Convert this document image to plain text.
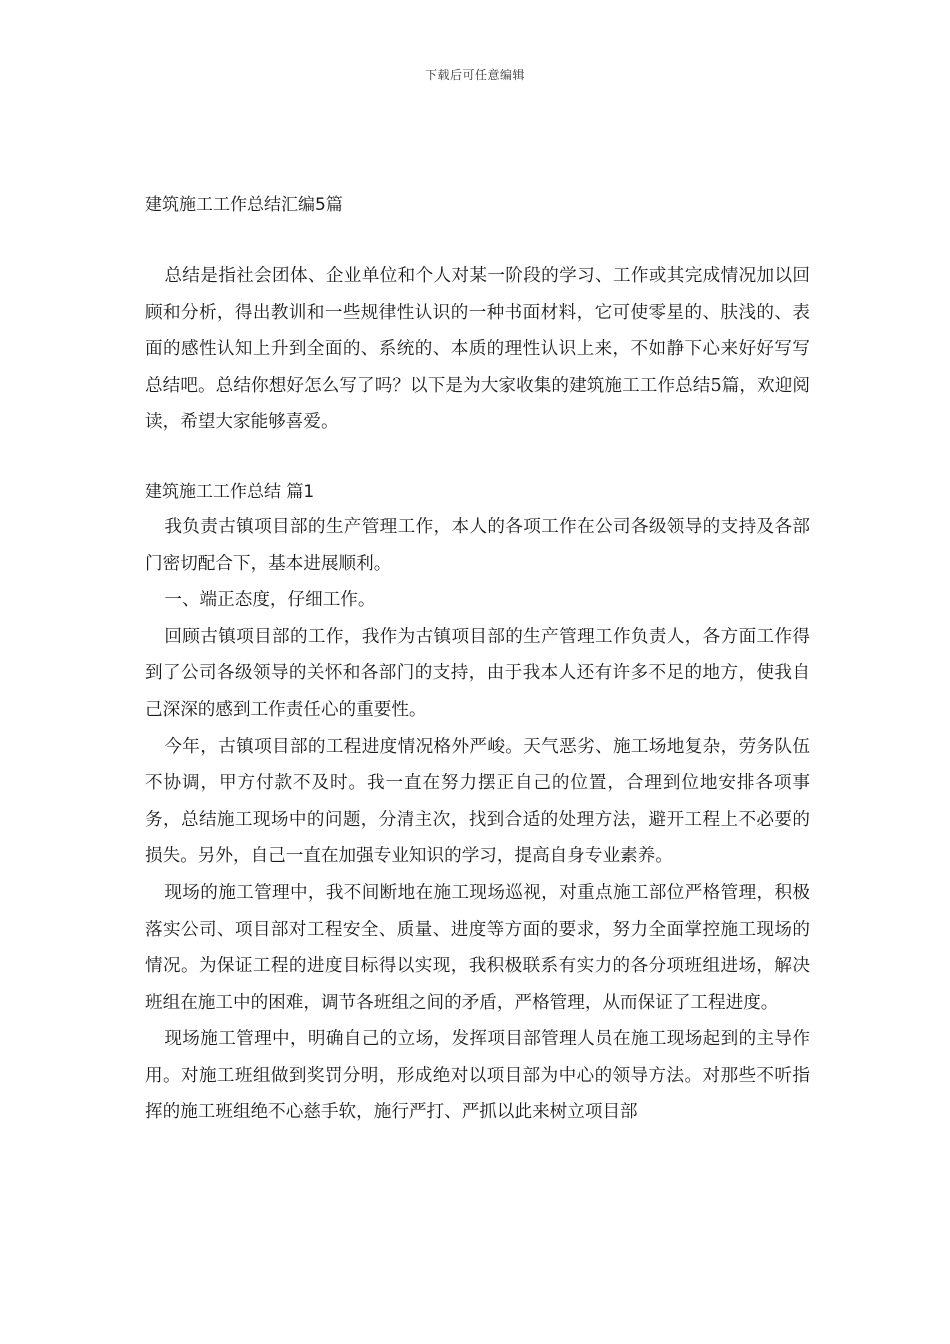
下载后可任意编辑
建筑施工工作总结汇编5篇

总结是指社会团体、企业单位和个人对某一阶段的学习、工作或其完成情况加以回顾和分析，得出教训和一些规律性认识的一种书面材料，它可使零星的、肤浅的、表面的感性认知上升到全面的、系统的、本质的理性认识上来，不如静下心来好好写写总结吧。总结你想好怎么写了吗？以下是为大家收集的建筑施工工作总结5篇，欢迎阅读，希望大家能够喜爱。

建筑施工工作总结 篇1

我负责古镇项目部的生产管理工作，本人的各项工作在公司各级领导的支持及各部门密切配合下，基本进展顺利。

一、端正态度，仔细工作。

回顾古镇项目部的工作，我作为古镇项目部的生产管理工作负责人，各方面工作得到了公司各级领导的关怀和各部门的支持，由于我本人还有许多不足的地方，使我自己深深的感到工作责任心的重要性。

今年，古镇项目部的工程进度情况格外严峻。天气恶劣、施工场地复杂，劳务队伍不协调，甲方付款不及时。我一直在努力摆正自己的位置，合理到位地安排各项事务，总结施工现场中的问题，分清主次，找到合适的处理方法，避开工程上不必要的损失。另外，自己一直在加强专业知识的学习，提高自身专业素养。

现场的施工管理中，我不间断地在施工现场巡视，对重点施工部位严格管理，积极落实公司、项目部对工程安全、质量、进度等方面的要求，努力全面掌控施工现场的情况。为保证工程的进度目标得以实现，我积极联系有实力的各分项班组进场，解决班组在施工中的困难，调节各班组之间的矛盾，严格管理，从而保证了工程进度。

现场施工管理中，明确自己的立场，发挥项目部管理人员在施工现场起到的主导作用。对施工班组做到奖罚分明，形成绝对以项目部为中心的领导方法。对那些不听指挥的施工班组绝不心慈手软，施行严打、严抓以此来树立项目部
